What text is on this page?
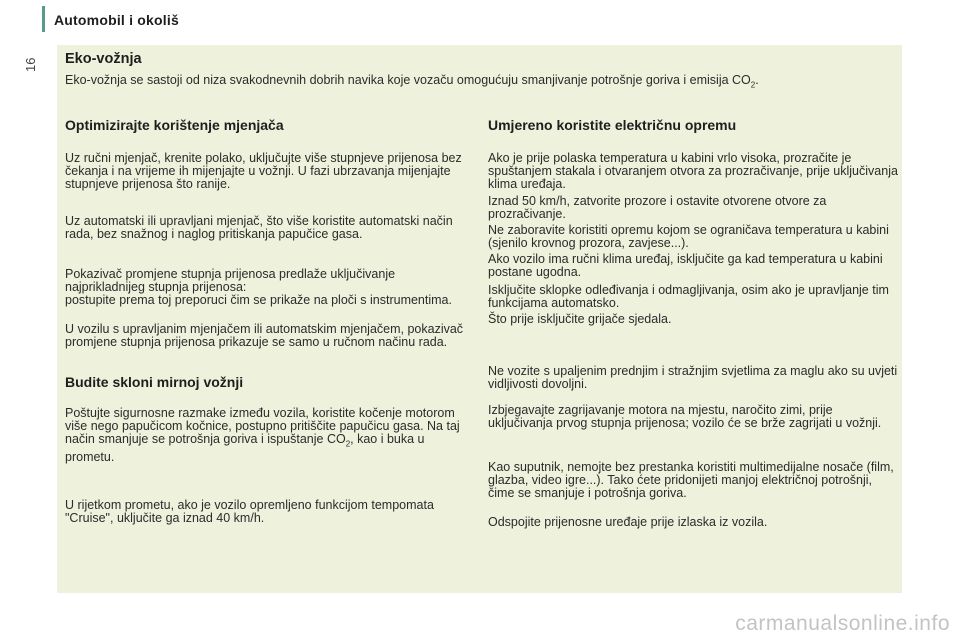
Automobil i okoliš
16 Eko-vožnja
Eko-vožnja se sastoji od niza svakodnevnih dobrih navika koje vozaču omogućuju smanjivanje potrošnje goriva i emisija $CO_2$.
Optimizirajte korištenje mjenjača
Uz ručni mjenjač, krenite polako, uključujte više stupnjeve prijenosa bez čekanja i na vrijeme ih mijenjajte u vožnji. U fazi ubrzavanja mijenjajte stupnjeve prijenosa što ranije.
Uz automatski ili upravljani mjenjač, što više koristite automatski način rada, bez snažnog i naglog pritiskanja papučice gasa.
Pokazivač promjene stupnja prijenosa predlaže uključivanje najprikladnijeg stupnja prijenosa:
postupite prema toj preporuci čim se prikaže na ploči s instrumentima.
U vozilu s upravljanim mjenjačem ili automatskim mjenjačem, pokazivač promjene stupnja prijenosa prikazuje se samo u ručnom načinu rada.
Budite skloni mirnoj vožnji
Poštujte sigurnosne razmake između vozila, koristite kočenje motorom više nego papučicom kočnice, postupno pritiščite papučicu gasa. Na taj način smanjuje se potrošnja goriva i ispuštanje $CO_2$, kao i buka u prometu.
U rijetkom prometu, ako je vozilo opremljeno funkcijom tempomata "Cruise", uključite ga iznad 40 km/h.
Umjereno koristite električnu opremu
Ako je prije polaska temperatura u kabini vrlo visoka, prozračite je spuštanjem stakala i otvaranjem otvora za prozračivanje, prije uključivanja klima uređaja.
Iznad 50 km/h, zatvorite prozore i ostavite otvorene otvore za prozračivanje.
Ne zaboravite koristiti opremu kojom se ograničava temperatura u kabini (sjenilo krovnog prozora, zavjese...).
Ako vozilo ima ručni klima uređaj, isključite ga kad temperatura u kabini postane ugodna.
Isključite sklopke odleđivanja i odmagljivanja, osim ako je upravljanje tim funkcijama automatsko.
Što prije isključite grijače sjedala.
Ne vozite s upaljenim prednjim i stražnjim svjetlima za maglu ako su uvjeti vidljivosti dovoljni.
Izbjegavajte zagrijavanje motora na mjestu, naročito zimi, prije uključivanja prvog stupnja prijenosa; vozilo će se brže zagrijati u vožnji.
Kao suputnik, nemojte bez prestanka koristiti multimedijalne nosače (film, glazba, video igre...). Tako ćete pridonijeti manjoj električnoj potrošnji, čime se smanjuje i potrošnja goriva.
Odspojite prijenosne uređaje prije izlaska iz vozila.
carmanualsonline.info
